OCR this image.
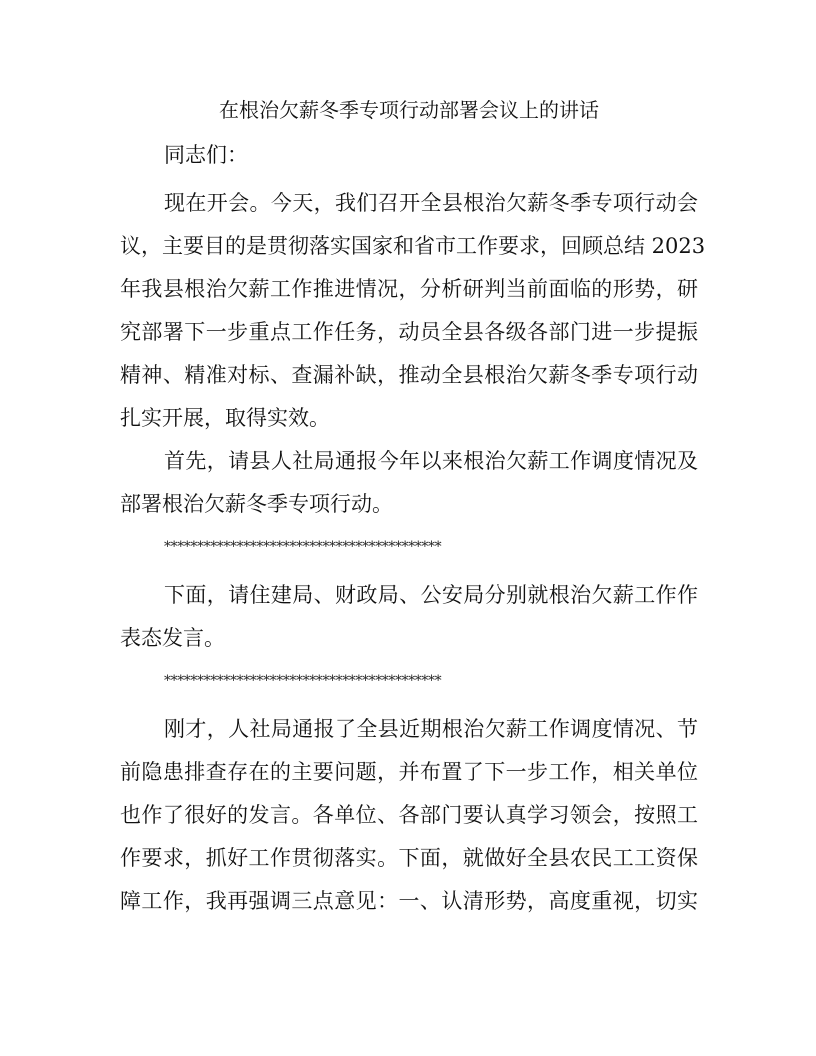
在根治欠薪冬季专项行动部署会议上的讲话
同志们：
现在开会。今天，我们召开全县根治欠薪冬季专项行动会
议，主要目的是贯彻落实国家和省市工作要求，回顾总结 2023
年我县根治欠薪工作推进情况，分析研判当前面临的形势，研
究部署下一步重点工作任务，动员全县各级各部门进一步提振
精神、精准对标、查漏补缺，推动全县根治欠薪冬季专项行动
扎实开展，取得实效。
首先，请县人社局通报今年以来根治欠薪工作调度情况及
部署根治欠薪冬季专项行动。
******************************************
下面，请住建局、财政局、公安局分别就根治欠薪工作作
表态发言。
******************************************
刚才，人社局通报了全县近期根治欠薪工作调度情况、节
前隐患排查存在的主要问题，并布置了下一步工作，相关单位
也作了很好的发言。各单位、各部门要认真学习领会，按照工
作要求，抓好工作贯彻落实。下面，就做好全县农民工工资保
障工作，我再强调三点意见：一、认清形势，高度重视，切实
